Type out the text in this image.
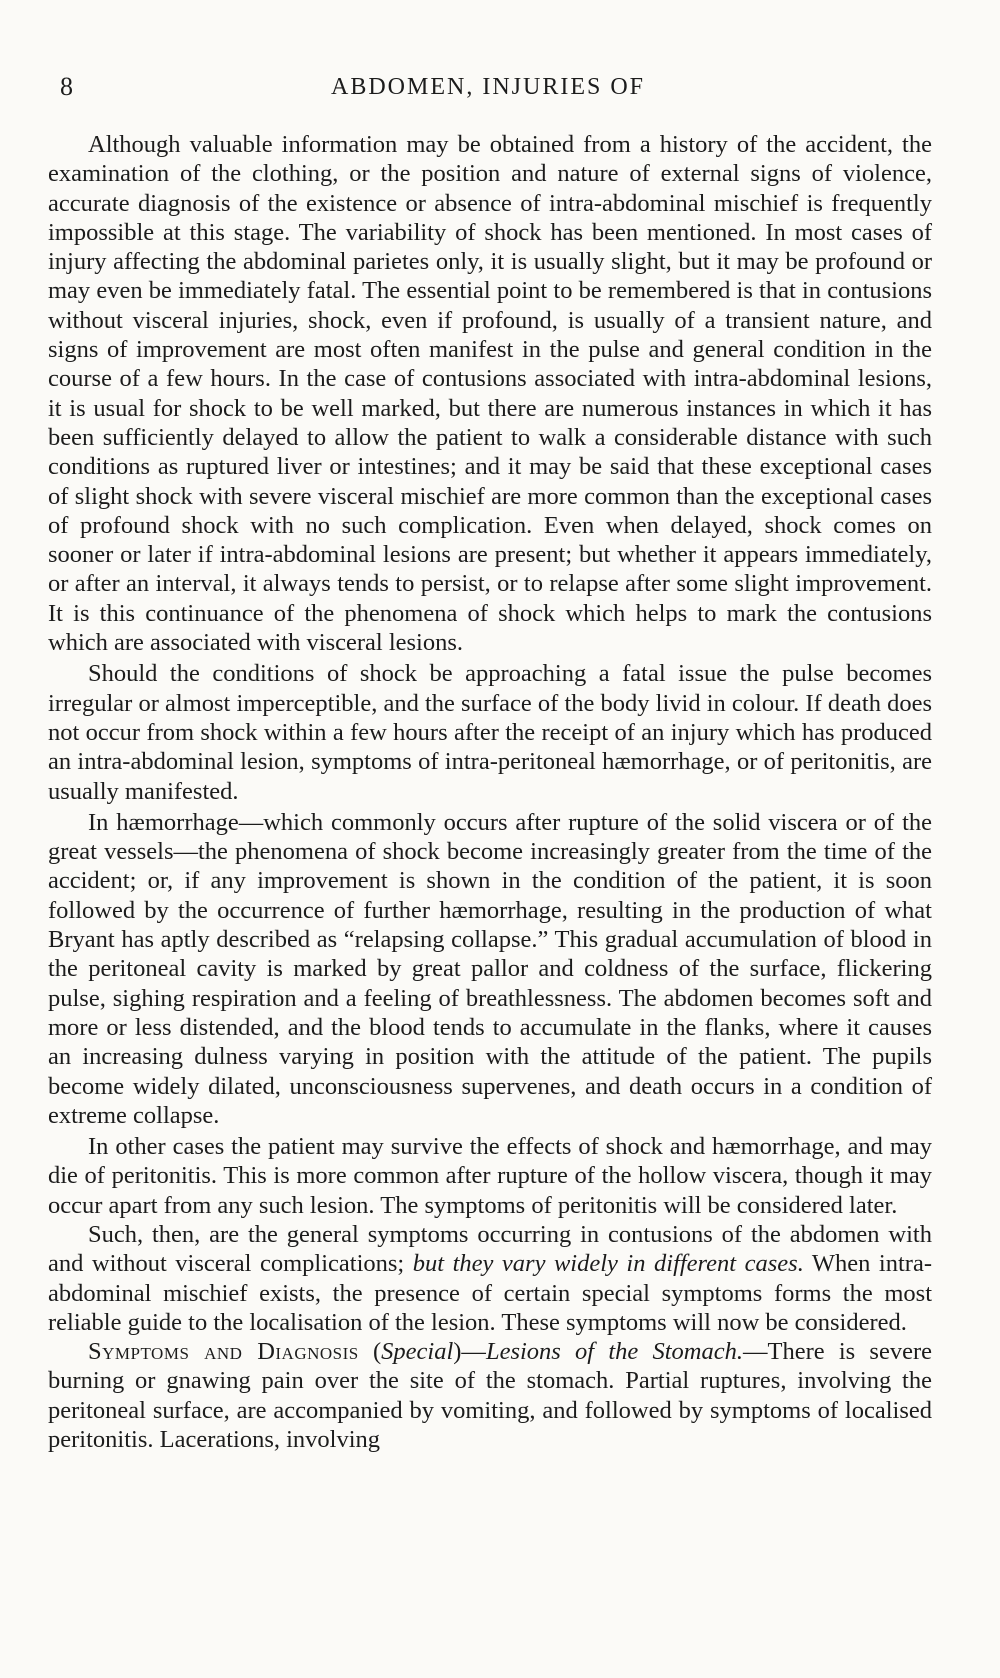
8	ABDOMEN, INJURIES OF

Although valuable information may be obtained from a history of the accident, the examination of the clothing, or the position and nature of external signs of violence, accurate diagnosis of the existence or absence of intra-abdominal mischief is frequently impossible at this stage. The variability of shock has been mentioned. In most cases of injury affecting the abdominal parietes only, it is usually slight, but it may be profound or may even be immediately fatal. The essential point to be remembered is that in contusions without visceral injuries, shock, even if profound, is usually of a transient nature, and signs of improvement are most often manifest in the pulse and general condition in the course of a few hours. In the case of contusions associated with intra-abdominal lesions, it is usual for shock to be well marked, but there are numerous instances in which it has been sufficiently delayed to allow the patient to walk a considerable distance with such conditions as ruptured liver or intestines; and it may be said that these exceptional cases of slight shock with severe visceral mischief are more common than the exceptional cases of profound shock with no such complication. Even when delayed, shock comes on sooner or later if intra-abdominal lesions are present; but whether it appears immediately, or after an interval, it always tends to persist, or to relapse after some slight improvement. It is this continuance of the phenomena of shock which helps to mark the contusions which are associated with visceral lesions.

Should the conditions of shock be approaching a fatal issue the pulse becomes irregular or almost imperceptible, and the surface of the body livid in colour. If death does not occur from shock within a few hours after the receipt of an injury which has produced an intra-abdominal lesion, symptoms of intra-peritoneal hæmorrhage, or of peritonitis, are usually manifested.

In hæmorrhage—which commonly occurs after rupture of the solid viscera or of the great vessels—the phenomena of shock become increasingly greater from the time of the accident; or, if any improvement is shown in the condition of the patient, it is soon followed by the occurrence of further hæmorrhage, resulting in the production of what Bryant has aptly described as “relapsing collapse.” This gradual accumulation of blood in the peritoneal cavity is marked by great pallor and coldness of the surface, flickering pulse, sighing respiration and a feeling of breathlessness. The abdomen becomes soft and more or less distended, and the blood tends to accumulate in the flanks, where it causes an increasing dulness varying in position with the attitude of the patient. The pupils become widely dilated, unconsciousness supervenes, and death occurs in a condition of extreme collapse.

In other cases the patient may survive the effects of shock and hæmorrhage, and may die of peritonitis. This is more common after rupture of the hollow viscera, though it may occur apart from any such lesion. The symptoms of peritonitis will be considered later.

Such, then, are the general symptoms occurring in contusions of the abdomen with and without visceral complications; but they vary widely in different cases. When intra-abdominal mischief exists, the presence of certain special symptoms forms the most reliable guide to the localisation of the lesion. These symptoms will now be considered.

Symptoms and Diagnosis (Special)—Lesions of the Stomach.—There is severe burning or gnawing pain over the site of the stomach. Partial ruptures, involving the peritoneal surface, are accompanied by vomiting, and followed by symptoms of localised peritonitis. Lacerations, involving
